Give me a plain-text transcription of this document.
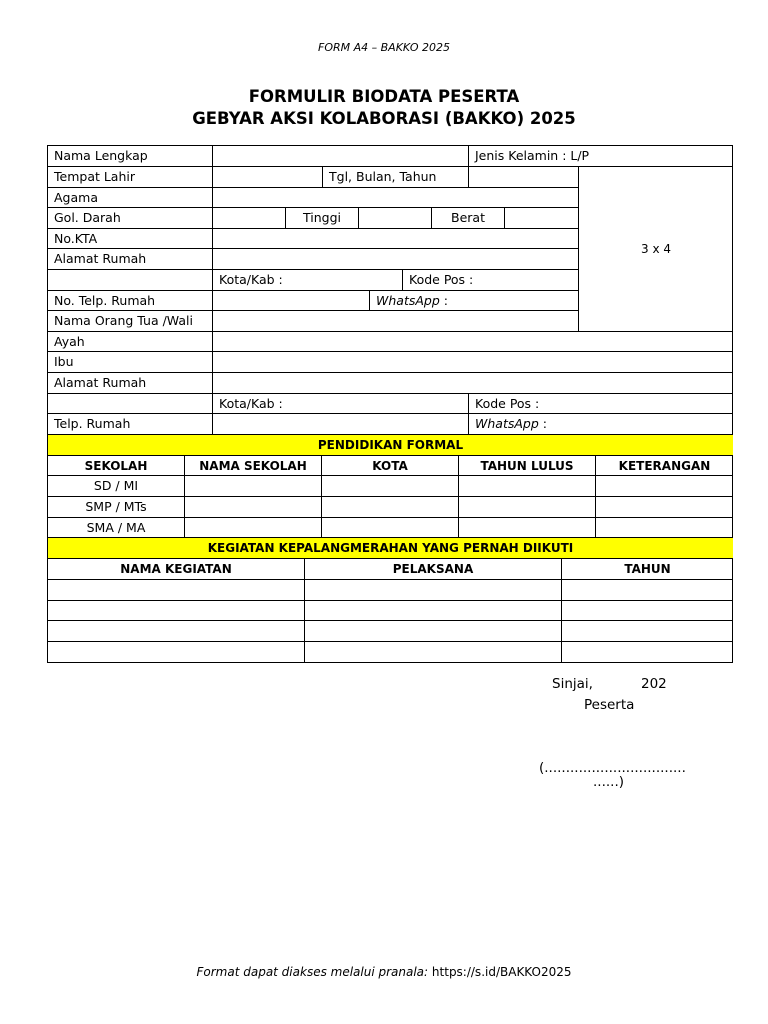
FORM A4 – BAKKO 2025
FORMULIR BIODATA PESERTA
GEBYAR AKSI KOLABORASI (BAKKO) 2025
Nama Lengkap	Jenis Kelamin : L/P
Tempat Lahir	Tgl, Bulan, Tahun
3 x 4
Agama
Gol. Darah	Tinggi	Berat
No.KTA
Alamat Rumah
Kota/Kab :	Kode Pos :
No. Telp. Rumah	WhatsApp :
Nama Orang Tua /Wali
Ayah
Ibu
Alamat Rumah
Kota/Kab :	Kode Pos :
Telp. Rumah	WhatsApp :
PENDIDIKAN FORMAL
SEKOLAH	NAMA SEKOLAH	KOTA	TAHUN LULUS	KETERANGAN
SD / MI
SMP / MTs
SMA / MA
KEGIATAN KEPALANGMERAHAN YANG PERNAH DIIKUTI
NAMA KEGIATAN	PELAKSANA	TAHUN
Sinjai,	202
Peserta
(.................................
......)
Format dapat diakses melalui pranala: https://s.id/BAKKO2025
